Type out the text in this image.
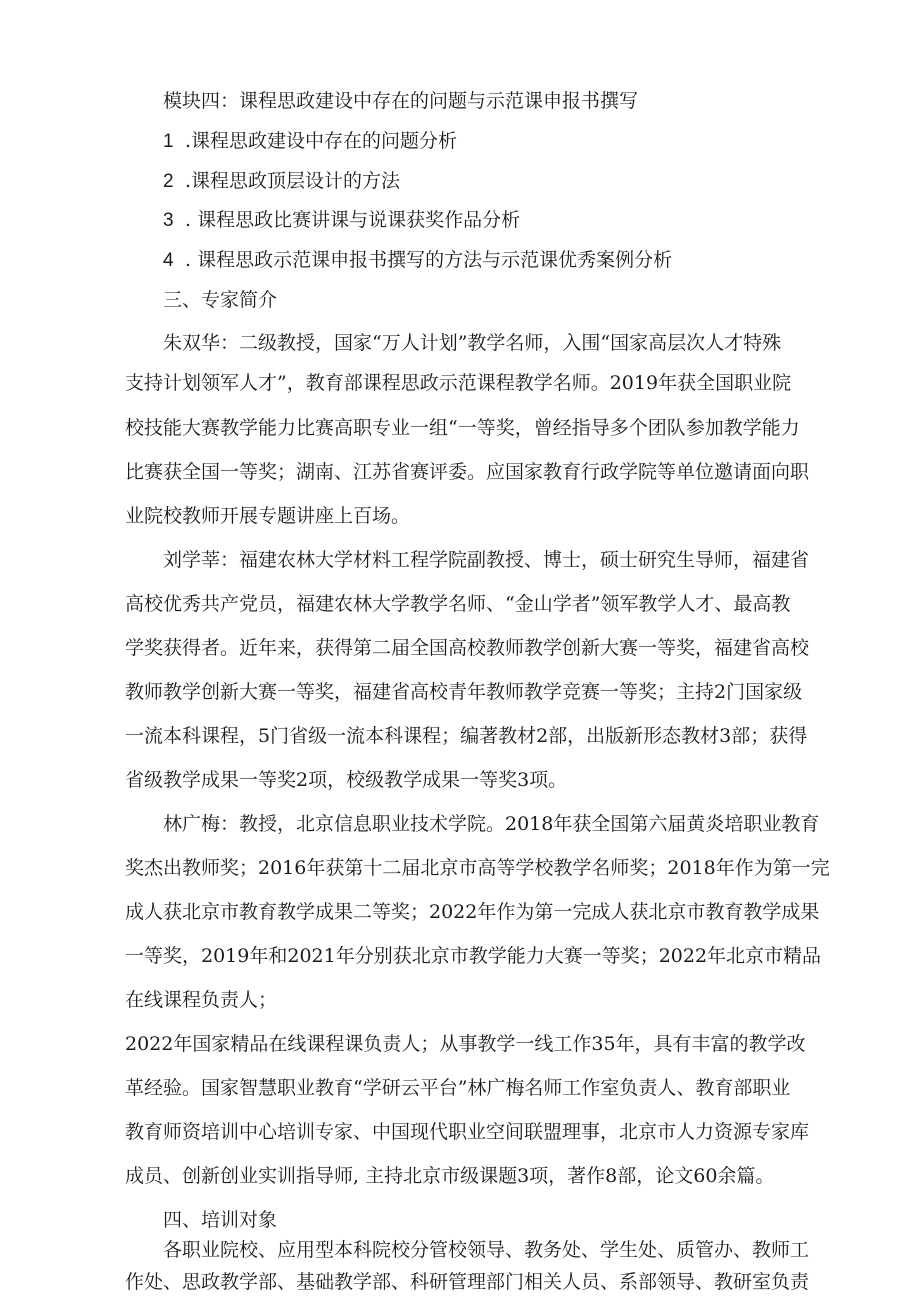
模块四：课程思政建设中存在的问题与示范课申报书撰写

1 .课程思政建设中存在的问题分析

2 .课程思政顶层设计的方法

3 . 课程思政比赛讲课与说课获奖作品分析

4 . 课程思政示范课申报书撰写的方法与示范课优秀案例分析

三、专家简介

朱双华：二级教授，国家“万人计划”教学名师，入围“国家高层次人才特殊

支持计划领军人才”，教育部课程思政示范课程教学名师。2019年获全国职业院

校技能大赛教学能力比赛高职专业一组“一等奖，曾经指导多个团队参加教学能力

比赛获全国一等奖；湖南、江苏省赛评委。应国家教育行政学院等单位邀请面向职

业院校教师开展专题讲座上百场。

刘学莘：福建农林大学材料工程学院副教授、博士，硕士研究生导师，福建省

高校优秀共产党员，福建农林大学教学名师、“金山学者”领军教学人才、最高教

学奖获得者。近年来，获得第二届全国高校教师教学创新大赛一等奖，福建省高校

教师教学创新大赛一等奖，福建省高校青年教师教学竞赛一等奖；主持2门国家级

一流本科课程，5门省级一流本科课程；编著教材2部，出版新形态教材3部；获得

省级教学成果一等奖2项，校级教学成果一等奖3项。

林广梅：教授，北京信息职业技术学院。2018年获全国第六届黄炎培职业教育

奖杰出教师奖；2016年获第十二届北京市高等学校教学名师奖；2018年作为第一完

成人获北京市教育教学成果二等奖；2022年作为第一完成人获北京市教育教学成果

一等奖，2019年和2021年分别获北京市教学能力大赛一等奖；2022年北京市精品

在线课程负责人；

2022年国家精品在线课程课负责人；从事教学一线工作35年，具有丰富的教学改

革经验。国家智慧职业教育“学研云平台”林广梅名师工作室负责人、教育部职业

教育师资培训中心培训专家、中国现代职业空间联盟理事，北京市人力资源专家库

成员、创新创业实训指导师, 主持北京市级课题3项，著作8部，论文60余篇。

四、培训对象

各职业院校、应用型本科院校分管校领导、教务处、学生处、质管办、教师工

作处、思政教学部、基础教学部、科研管理部门相关人员、系部领导、教研室负责
